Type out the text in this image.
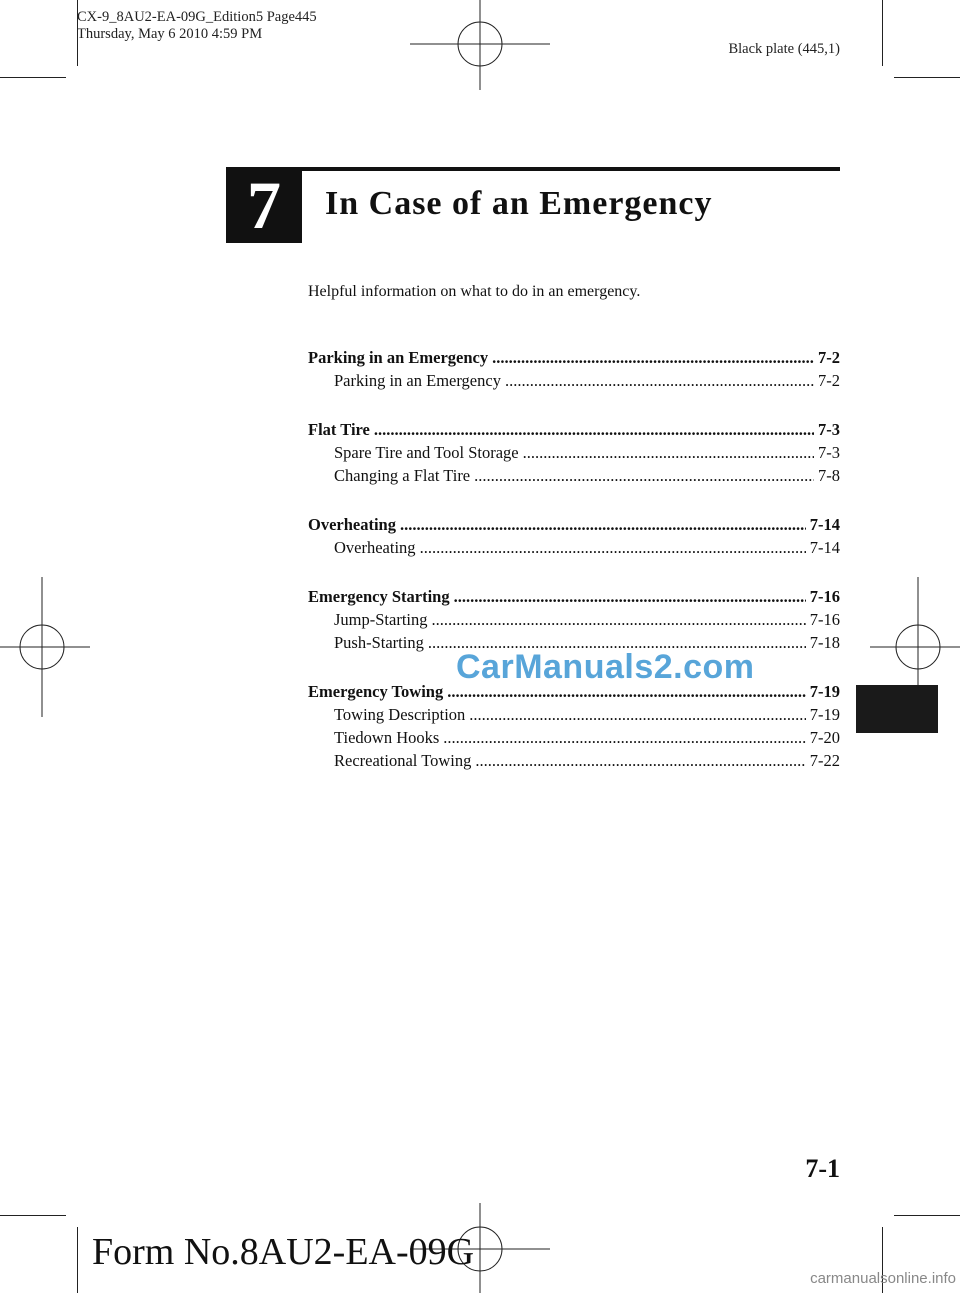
CX-9_8AU2-EA-09G_Edition5 Page445
Thursday, May 6 2010 4:59 PM
Black plate (445,1)
7	In Case of an Emergency
Helpful information on what to do in an emergency.
Parking in an Emergency .....	7-2
Parking in an Emergency .....	7-2
Flat Tire .....	7-3
Spare Tire and Tool Storage .....	7-3
Changing a Flat Tire .....	7-8
Overheating .....	7-14
Overheating .....	7-14
Emergency Starting .....	7-16
Jump-Starting .....	7-16
Push-Starting .....	7-18
Emergency Towing .....	7-19
Towing Description .....	7-19
Tiedown Hooks .....	7-20
Recreational Towing .....	7-22
CarManuals2.com
7-1
Form No.8AU2-EA-09G
carmanualsonline.info
